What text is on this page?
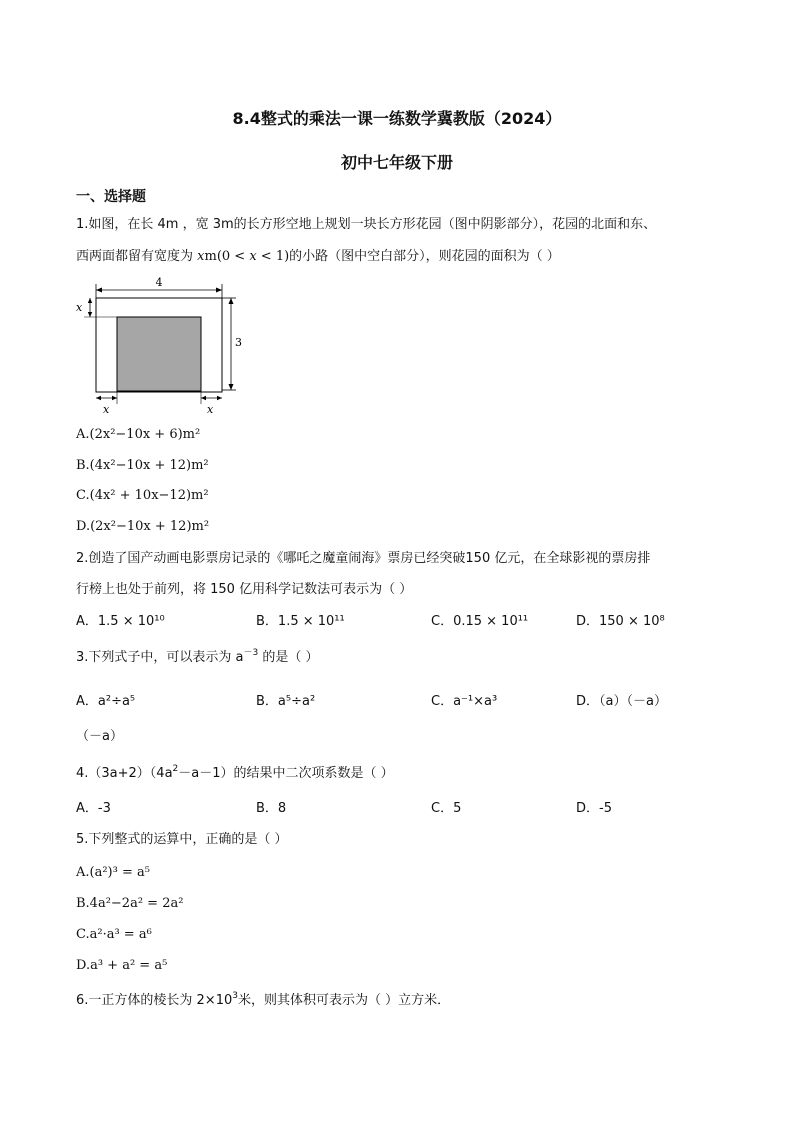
8.4整式的乘法一课一练数学冀教版（2024）
初中七年级下册
一、选择题
1.如图，在长 4m ，宽 3m的长方形空地上规划一块长方形花园（图中阴影部分），花园的北面和东、
西两面都留有宽度为 xm(0 < x < 1)的小路（图中空白部分），则花园的面积为（ ）
4
3
x
x	x
A.(2x²−10x + 6)m²
B.(4x²−10x + 12)m²
C.(4x² + 10x−12)m²
D.(2x²−10x + 12)m²
2.创造了国产动画电影票房记录的《哪吒之魔童闹海》票房已经突破150 亿元，在全球影视的票房排
行榜上也处于前列，将 150 亿用科学记数法可表示为（ ）
A．1.5 × 10¹⁰	B．1.5 × 10¹¹	C．0.15 × 10¹¹	D．150 × 10⁸
3.下列式子中，可以表示为 $a^{-3}$ 的是（ ）
A．a²÷a⁵	B．a⁵÷a²	C．a⁻¹×a³	D．（a）（－a）
（－a）
$4.(3a+2)(4a^2-a-1)$的结果中二次项系数是（ ）
A．-3	B．8	C．5	D．-5
5.下列整式的运算中，正确的是（ ）
A.(a²)³ = a⁵
B.4a²−2a² = 2a²
C.a²·a³ = a⁶
D.a³ + a² = a⁵
6.一正方体的棱长为 $2\times 10^3$米，则其体积可表示为（ ）立方米．
